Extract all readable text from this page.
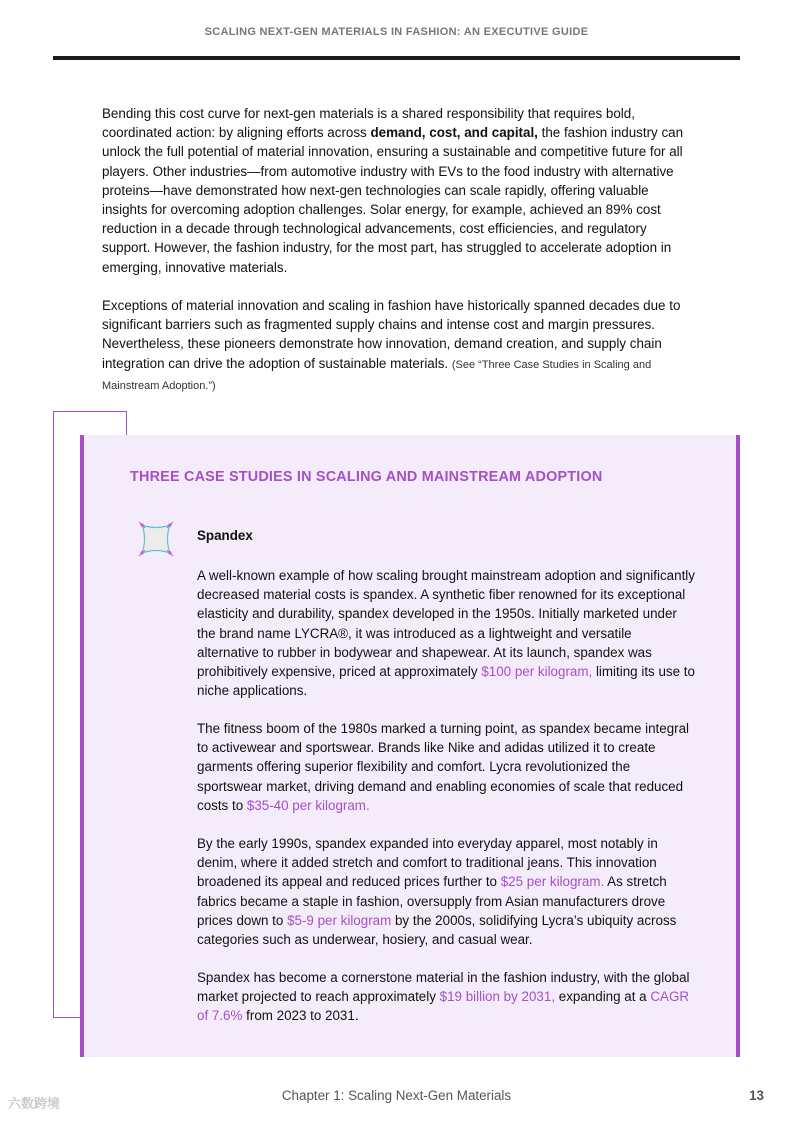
SCALING NEXT-GEN MATERIALS IN FASHION: AN EXECUTIVE GUIDE
Bending this cost curve for next-gen materials is a shared responsibility that requires bold, coordinated action: by aligning efforts across demand, cost, and capital, the fashion industry can unlock the full potential of material innovation, ensuring a sustainable and competitive future for all players. Other industries—from automotive industry with EVs to the food industry with alternative proteins—have demonstrated how next-gen technologies can scale rapidly, offering valuable insights for overcoming adoption challenges. Solar energy, for example, achieved an 89% cost reduction in a decade through technological advancements, cost efficiencies, and regulatory support. However, the fashion industry, for the most part, has struggled to accelerate adoption in emerging, innovative materials.
Exceptions of material innovation and scaling in fashion have historically spanned decades due to significant barriers such as fragmented supply chains and intense cost and margin pressures. Nevertheless, these pioneers demonstrate how innovation, demand creation, and supply chain integration can drive the adoption of sustainable materials. (See “Three Case Studies in Scaling and Mainstream Adoption.”)
THREE CASE STUDIES IN SCALING AND MAINSTREAM ADOPTION
Spandex
A well-known example of how scaling brought mainstream adoption and significantly decreased material costs is spandex. A synthetic fiber renowned for its exceptional elasticity and durability, spandex developed in the 1950s. Initially marketed under the brand name LYCRA®, it was introduced as a lightweight and versatile alternative to rubber in bodywear and shapewear. At its launch, spandex was prohibitively expensive, priced at approximately $100 per kilogram, limiting its use to niche applications.
The fitness boom of the 1980s marked a turning point, as spandex became integral to activewear and sportswear. Brands like Nike and adidas utilized it to create garments offering superior flexibility and comfort. Lycra revolutionized the sportswear market, driving demand and enabling economies of scale that reduced costs to $35-40 per kilogram.
By the early 1990s, spandex expanded into everyday apparel, most notably in denim, where it added stretch and comfort to traditional jeans. This innovation broadened its appeal and reduced prices further to $25 per kilogram. As stretch fabrics became a staple in fashion, oversupply from Asian manufacturers drove prices down to $5-9 per kilogram by the 2000s, solidifying Lycra’s ubiquity across categories such as underwear, hosiery, and casual wear.
Spandex has become a cornerstone material in the fashion industry, with the global market projected to reach approximately $19 billion by 2031, expanding at a CAGR of 7.6% from 2023 to 2031.
Chapter 1: Scaling Next-Gen Materials	13
六数跨境
